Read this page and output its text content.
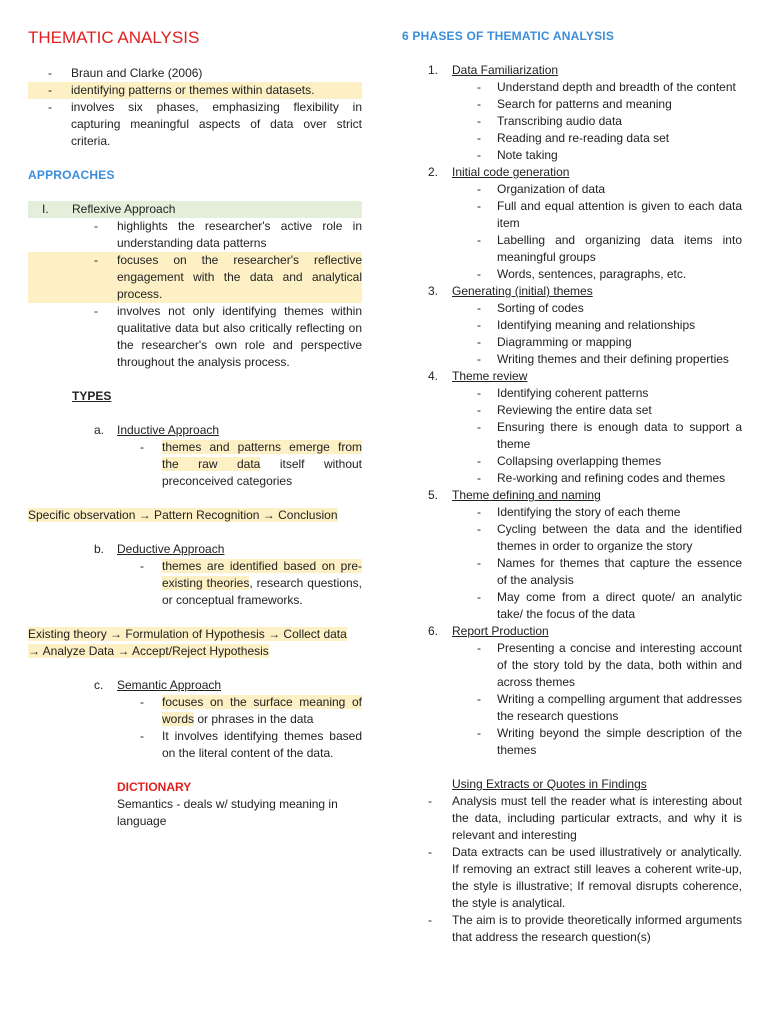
THEMATIC ANALYSIS
- Braun and Clarke (2006)
- identifying patterns or themes within datasets.
- involves six phases, emphasizing flexibility in capturing meaningful aspects of data over strict criteria.
APPROACHES
I. Reflexive Approach
- highlights the researcher's active role in understanding data patterns
- focuses on the researcher's reflective engagement with the data and analytical process.
- involves not only identifying themes within qualitative data but also critically reflecting on the researcher's own role and perspective throughout the analysis process.
TYPES
a. Inductive Approach
- themes and patterns emerge from the raw data itself without preconceived categories
Specific observation → Pattern Recognition → Conclusion
b. Deductive Approach
- themes are identified based on pre-existing theories, research questions, or conceptual frameworks.
Existing theory → Formulation of Hypothesis → Collect data → Analyze Data → Accept/Reject Hypothesis
c. Semantic Approach
- focuses on the surface meaning of words or phrases in the data
- It involves identifying themes based on the literal content of the data.
DICTIONARY
Semantics - deals w/ studying meaning in language
6 PHASES OF THEMATIC ANALYSIS
1. Data Familiarization
- Understand depth and breadth of the content
- Search for patterns and meaning
- Transcribing audio data
- Reading and re-reading data set
- Note taking
2. Initial code generation
- Organization of data
- Full and equal attention is given to each data item
- Labelling and organizing data items into meaningful groups
- Words, sentences, paragraphs, etc.
3. Generating (initial) themes
- Sorting of codes
- Identifying meaning and relationships
- Diagramming or mapping
- Writing themes and their defining properties
4. Theme review
- Identifying coherent patterns
- Reviewing the entire data set
- Ensuring there is enough data to support a theme
- Collapsing overlapping themes
- Re-working and refining codes and themes
5. Theme defining and naming
- Identifying the story of each theme
- Cycling between the data and the identified themes in order to organize the story
- Names for themes that capture the essence of the analysis
- May come from a direct quote/ an analytic take/ the focus of the data
6. Report Production
- Presenting a concise and interesting account of the story told by the data, both within and across themes
- Writing a compelling argument that addresses the research questions
- Writing beyond the simple description of the themes
Using Extracts or Quotes in Findings
- Analysis must tell the reader what is interesting about the data, including particular extracts, and why it is relevant and interesting
- Data extracts can be used illustratively or analytically. If removing an extract still leaves a coherent write-up, the style is illustrative; If removal disrupts coherence, the style is analytical.
- The aim is to provide theoretically informed arguments that address the research question(s)
